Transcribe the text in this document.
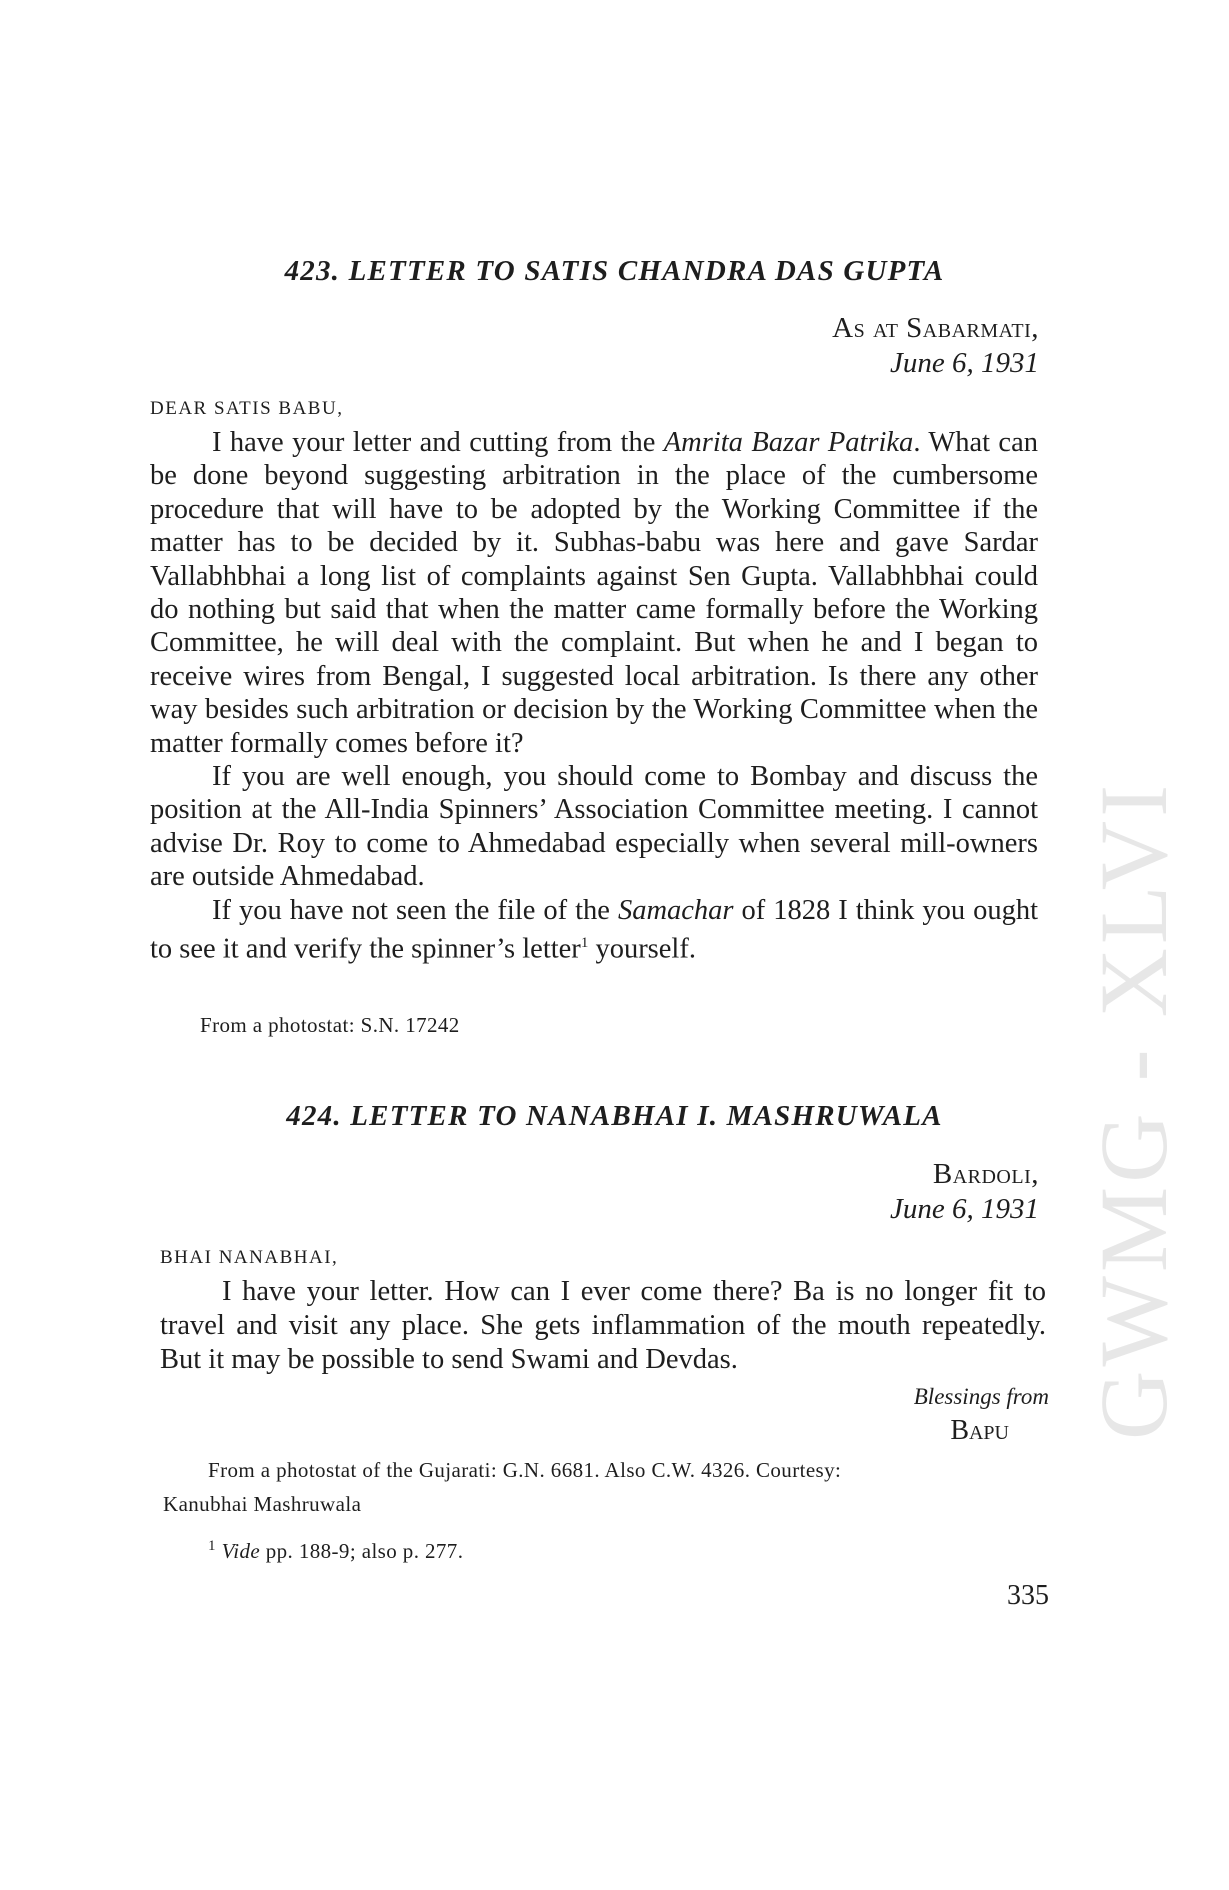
GWMG - XLVI
423. LETTER TO SATIS CHANDRA DAS GUPTA
As at Sabarmati,
June 6, 1931
DEAR SATIS BABU,

I have your letter and cutting from the Amrita Bazar Patrika. What can be done beyond suggesting arbitration in the place of the cumbersome procedure that will have to be adopted by the Working Committee if the matter has to be decided by it. Subhas-babu was here and gave Sardar Vallabhbhai a long list of complaints against Sen Gupta. Vallabhbhai could do nothing but said that when the matter came formally before the Working Committee, he will deal with the complaint. But when he and I began to receive wires from Bengal, I suggested local arbitration. Is there any other way besides such arbitration or decision by the Working Committee when the matter formally comes before it?

If you are well enough, you should come to Bombay and discuss the position at the All-India Spinners’ Association Committee meeting. I cannot advise Dr. Roy to come to Ahmedabad especially when several mill-owners are outside Ahmedabad.

If you have not seen the file of the Samachar of 1828 I think you ought to see it and verify the spinner’s letter$^1$ yourself.

From a photostat: S.N. 17242
424. LETTER TO NANABHAI I. MASHRUWALA
Bardoli,
June 6, 1931
BHAI NANABHAI,

I have your letter. How can I ever come there? Ba is no longer fit to travel and visit any place. She gets inflammation of the mouth repeatedly. But it may be possible to send Swami and Devdas.

Blessings from
Bapu
From a photostat of the Gujarati: G.N. 6681. Also C.W. 4326. Courtesy:
Kanubhai Mashruwala
$^1$ Vide pp. 188-9; also p. 277.
335
